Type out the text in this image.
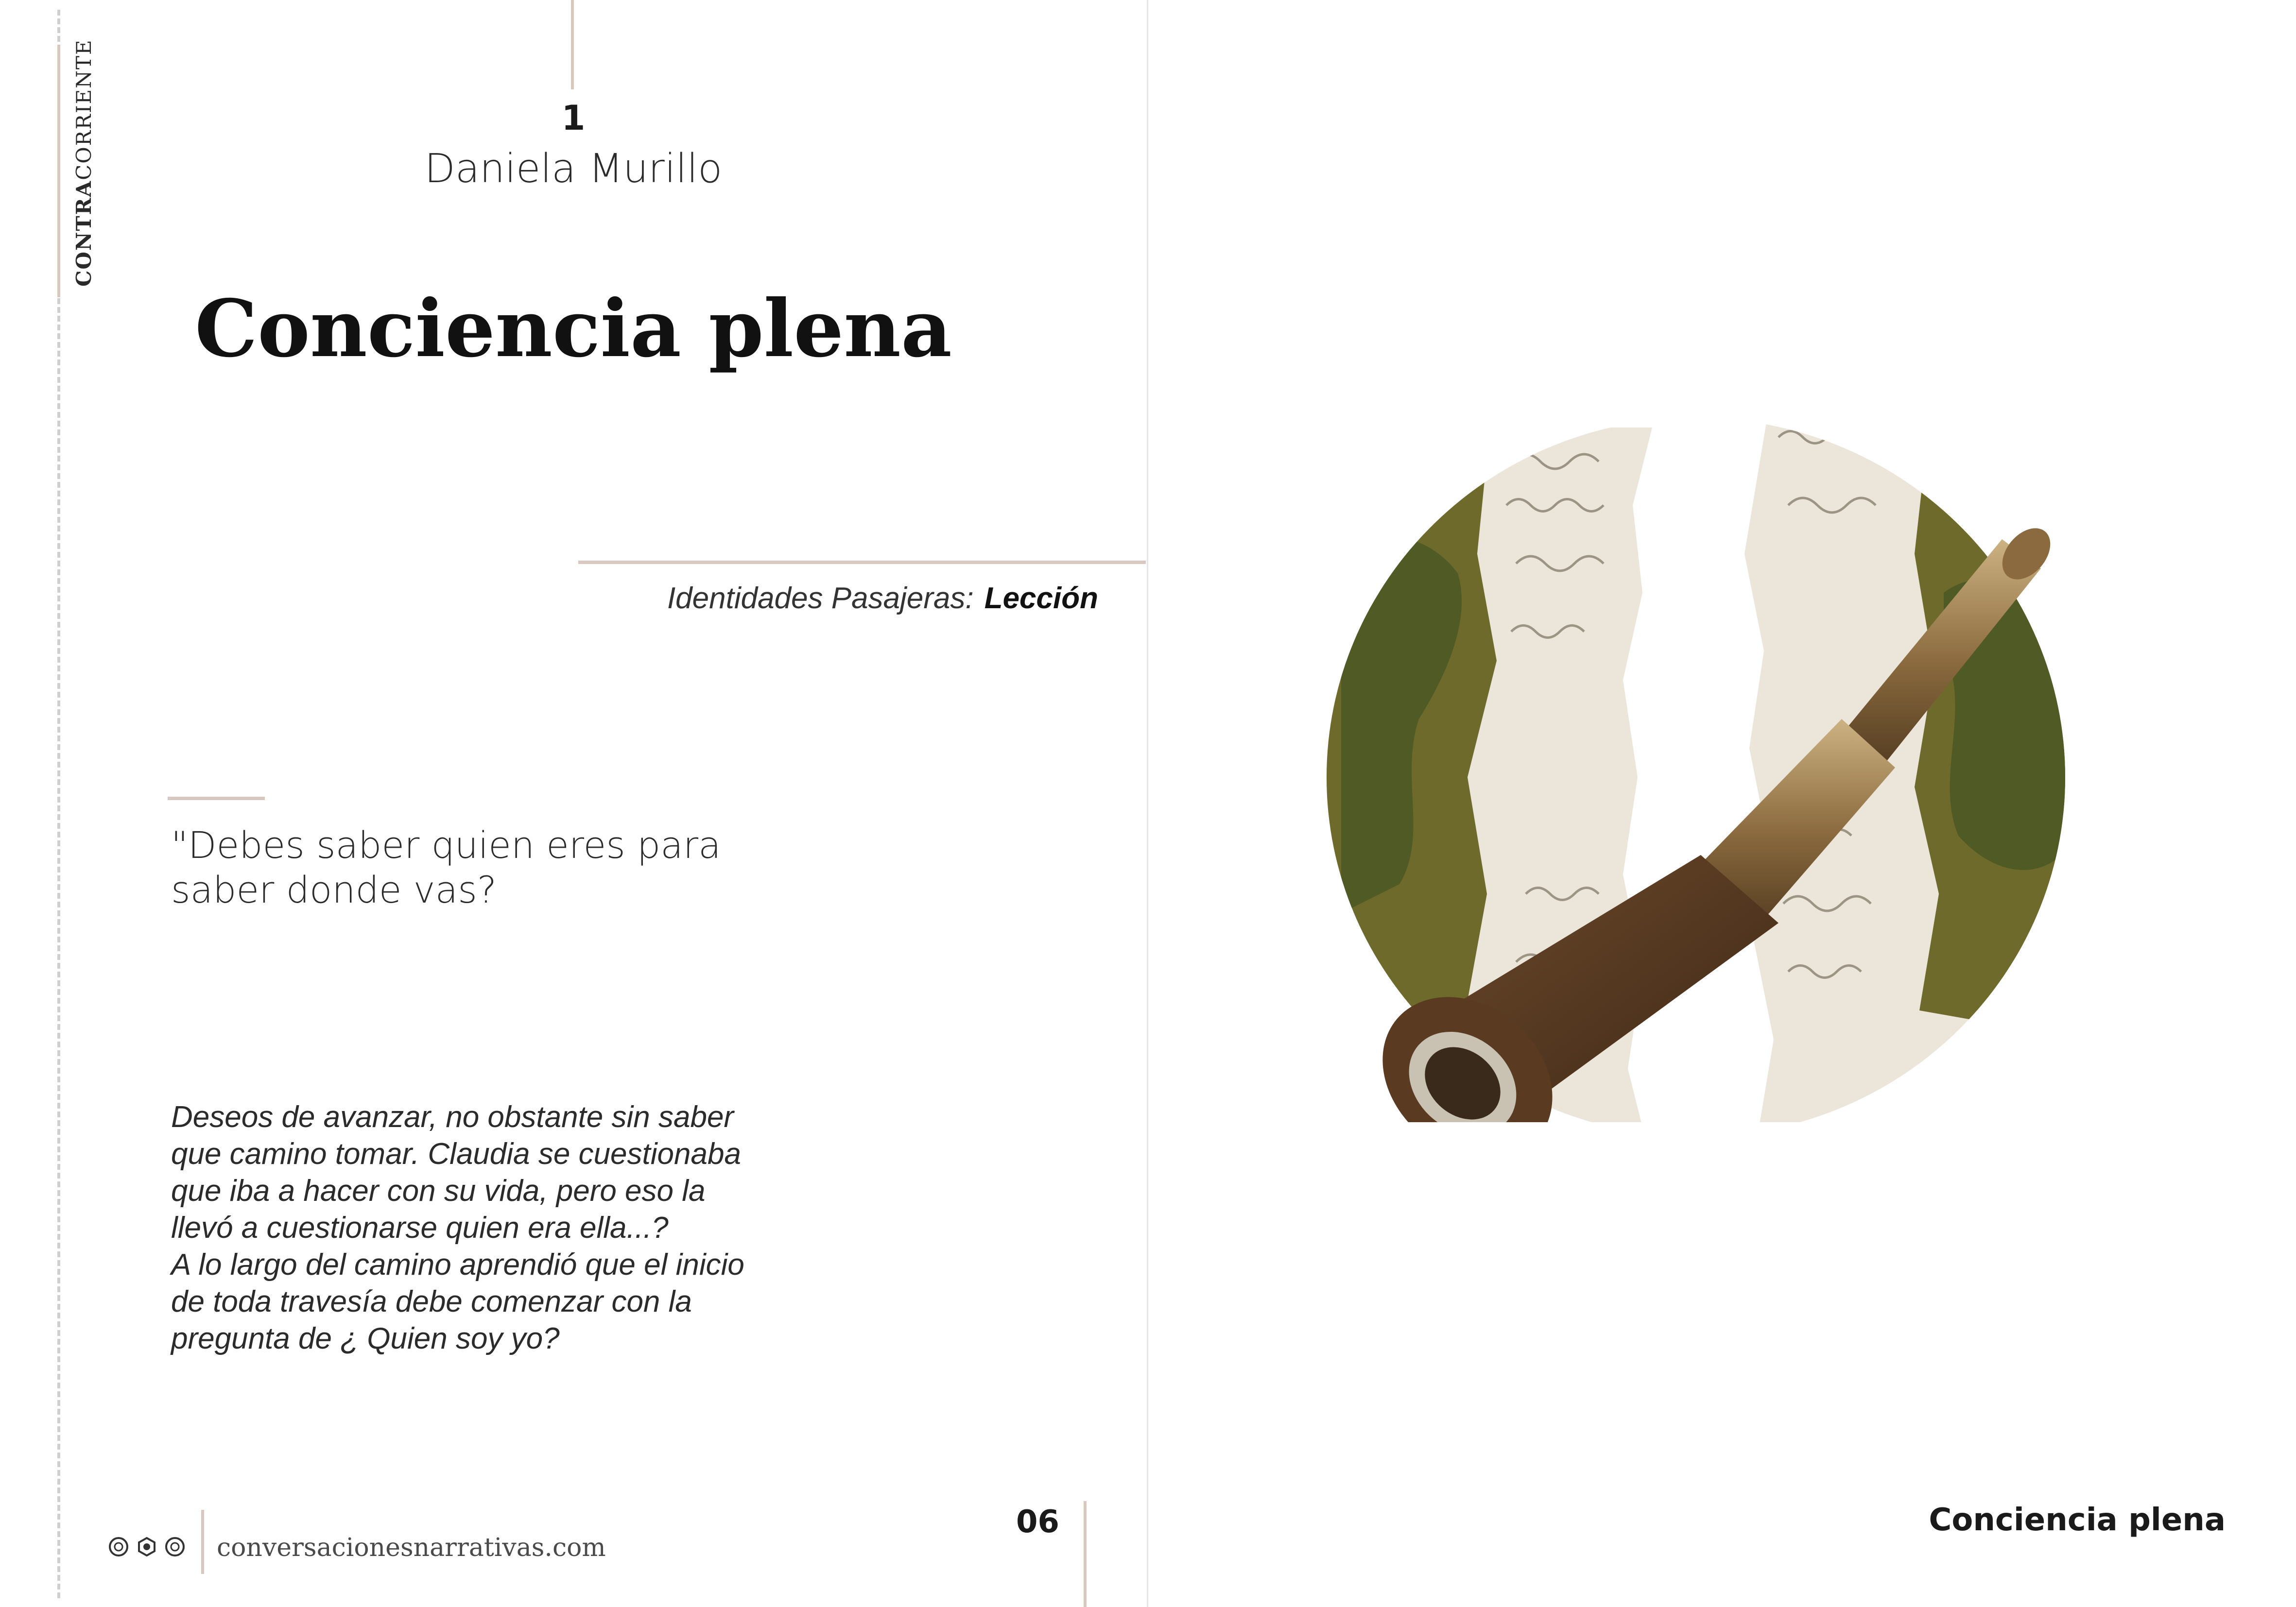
CONTRACORRIENTE	1
Daniela Murillo
Conciencia plena
Identidades Pasajeras: Lección
"Debes saber quien eres para saber donde vas?

Deseos de avanzar, no obstante sin saber

que camino tomar. Claudia se cuestionaba

que iba a hacer con su vida, pero eso la

llevó a cuestionarse quien era ella...?

A lo largo del camino aprendió que el inicio

de toda travesía debe comenzar con la

pregunta de ¿ Quien soy yo?

conversacionesnarrativas.com
06	Conciencia plena
